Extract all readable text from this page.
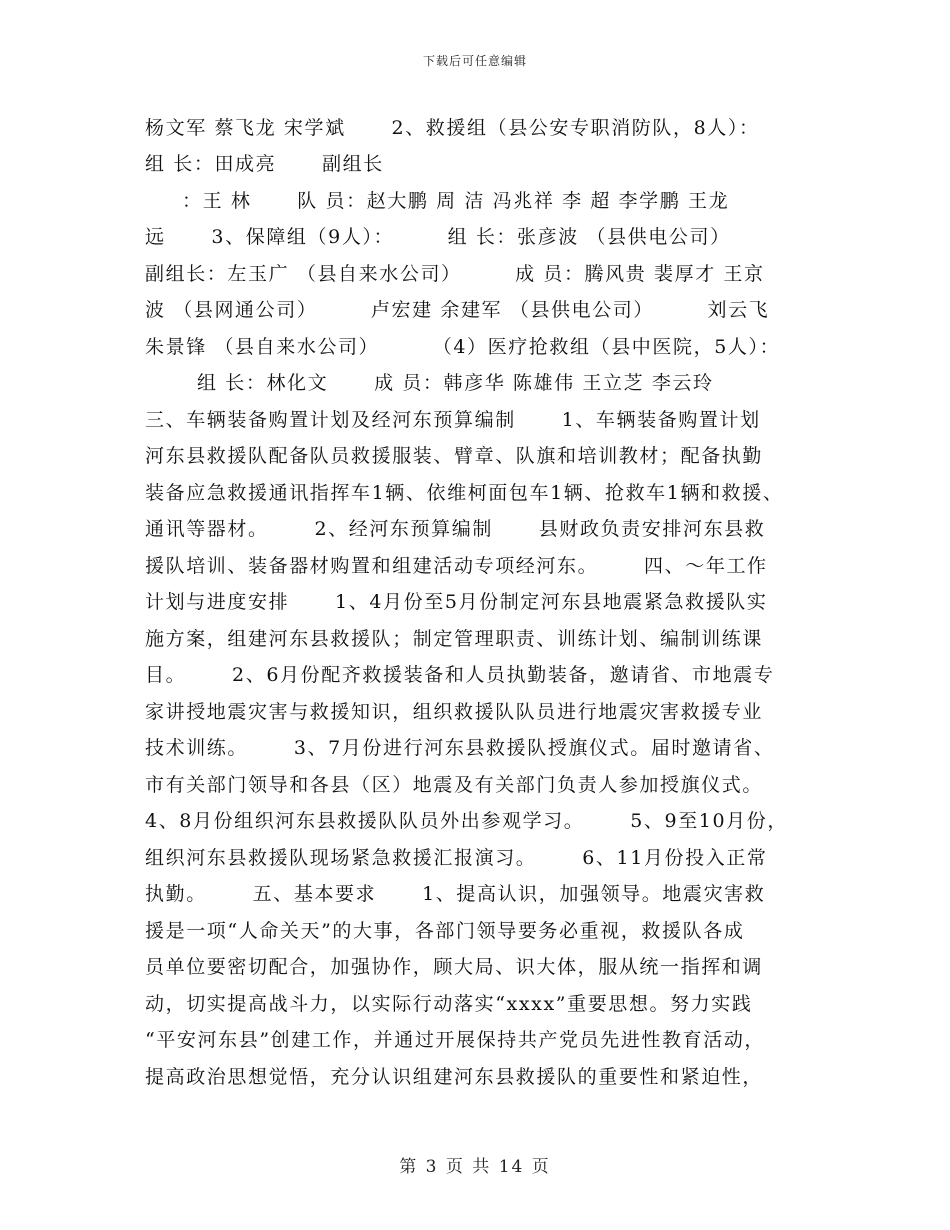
下载后可任意编辑
杨文军 蔡飞龙 宋学斌      2、救援组（县公安专职消防队，8人）：
组 长：田成亮      副组长
：王 林      队 员：赵大鹏 周 洁 冯兆祥 李 超 李学鹏 王龙
远      3、保障组（9人）：       组 长：张彦波 （县供电公司）
副组长：左玉广 （县自来水公司）       成 员：腾风贵 裴厚才 王京
波 （县网通公司）       卢宏建 余建军 （县供电公司）       刘云飞
朱景锋 （县自来水公司）       （4）医疗抢救组（县中医院，5人）：
组 长：林化文      成 员：韩彦华 陈雄伟 王立芝 李云玲
三、车辆装备购置计划及经河东预算编制      1、车辆装备购置计划
河东县救援队配备队员救援服装、臂章、队旗和培训教材；配备执勤
装备应急救援通讯指挥车1辆、依维柯面包车1辆、抢救车1辆和救援、
通讯等器材。      2、经河东预算编制      县财政负责安排河东县救
援队培训、装备器材购置和组建活动专项经河东。      四、～年工作
计划与进度安排      1、4月份至5月份制定河东县地震紧急救援队实
施方案，组建河东县救援队；制定管理职责、训练计划、编制训练课
目。      2、6月份配齐救援装备和人员执勤装备，邀请省、市地震专
家讲授地震灾害与救援知识，组织救援队队员进行地震灾害救援专业
技术训练。      3、7月份进行河东县救援队授旗仪式。届时邀请省、
市有关部门领导和各县（区）地震及有关部门负责人参加授旗仪式。
4、8月份组织河东县救援队队员外出参观学习。      5、9至10月份，
组织河东县救援队现场紧急救援汇报演习。      6、11月份投入正常
执勤。      五、基本要求      1、提高认识，加强领导。地震灾害救
援是一项“人命关天”的大事，各部门领导要务必重视，救援队各成
员单位要密切配合，加强协作，顾大局、识大体，服从统一指挥和调
动，切实提高战斗力，以实际行动落实“xxxx”重要思想。努力实践
“平安河东县”创建工作，并通过开展保持共产党员先进性教育活动，
提高政治思想觉悟，充分认识组建河东县救援队的重要性和紧迫性，
第 3 页 共 14 页
